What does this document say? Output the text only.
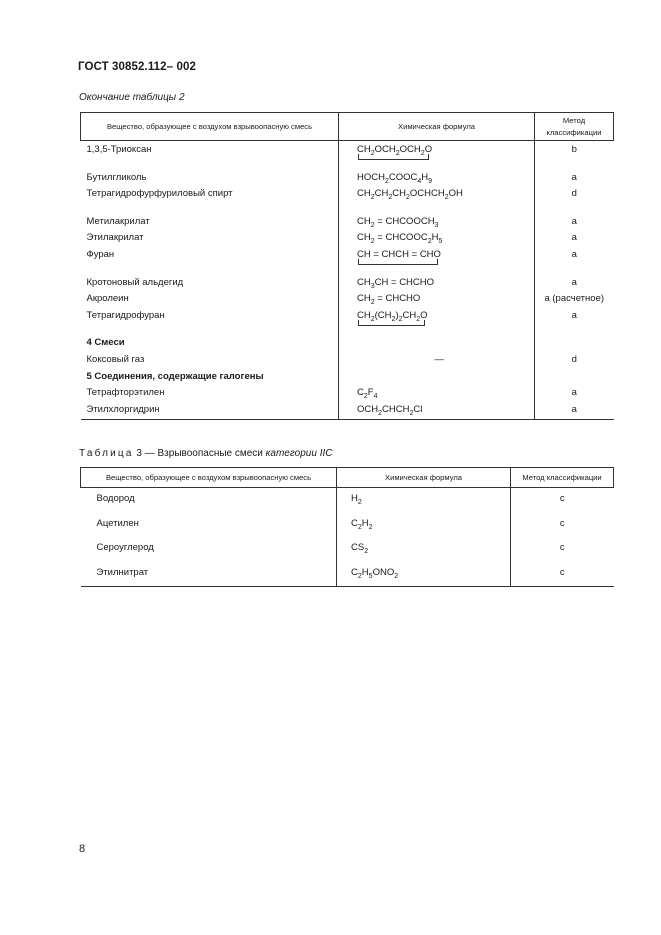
ГОСТ 30852.112– 002
Окончание таблицы 2
Вещество, образующее с воздухом взрывоопасную смесь	Химическая формула	Метод классификации
1,3,5-Триоксан	$CH_2OCH_2OCH_2O$	b

Бутилгликоль	$HOCH_2COOC_4H_9$	a
Тетрагидрофурфуриловый спирт	$CH_2CH_2CH_2OCHCH_2OH$	d

Метилакрилат	$CH_2$ = $CHCOOCH_3$	a
Этилакрилат	$CH_2$ = $CHCOOC_2H_5$	a
Фуран	CH = CHCH = CHO	a

Кротоновый альдегид	$CH_3CH$ = CHCHO	a
Акролеин	$CH_2$ = CHCHO	a (расчетное)
Тетрагидрофуран	$CH_2(CH_2)_2CH_2O$	a

4 Смеси		
Коксовый газ	—	d
5 Соединения, содержащие галогены		
Тетрафторэтилен	$C_2F_4$	a
Этилхлоргидрин	$OCH_2CHCH_2Cl$	a
Таблица 3 — Взрывоопасные смеси категории IIC
Вещество, образующее с воздухом взрывоопасную смесь	Химическая формула	Метод классификации
Водород	$H_2$	c
Ацетилен	$C_2H_2$	c
Сероуглерод	$CS_2$	c
Этилнитрат	$C_2H_5ONO_2$	c
8
